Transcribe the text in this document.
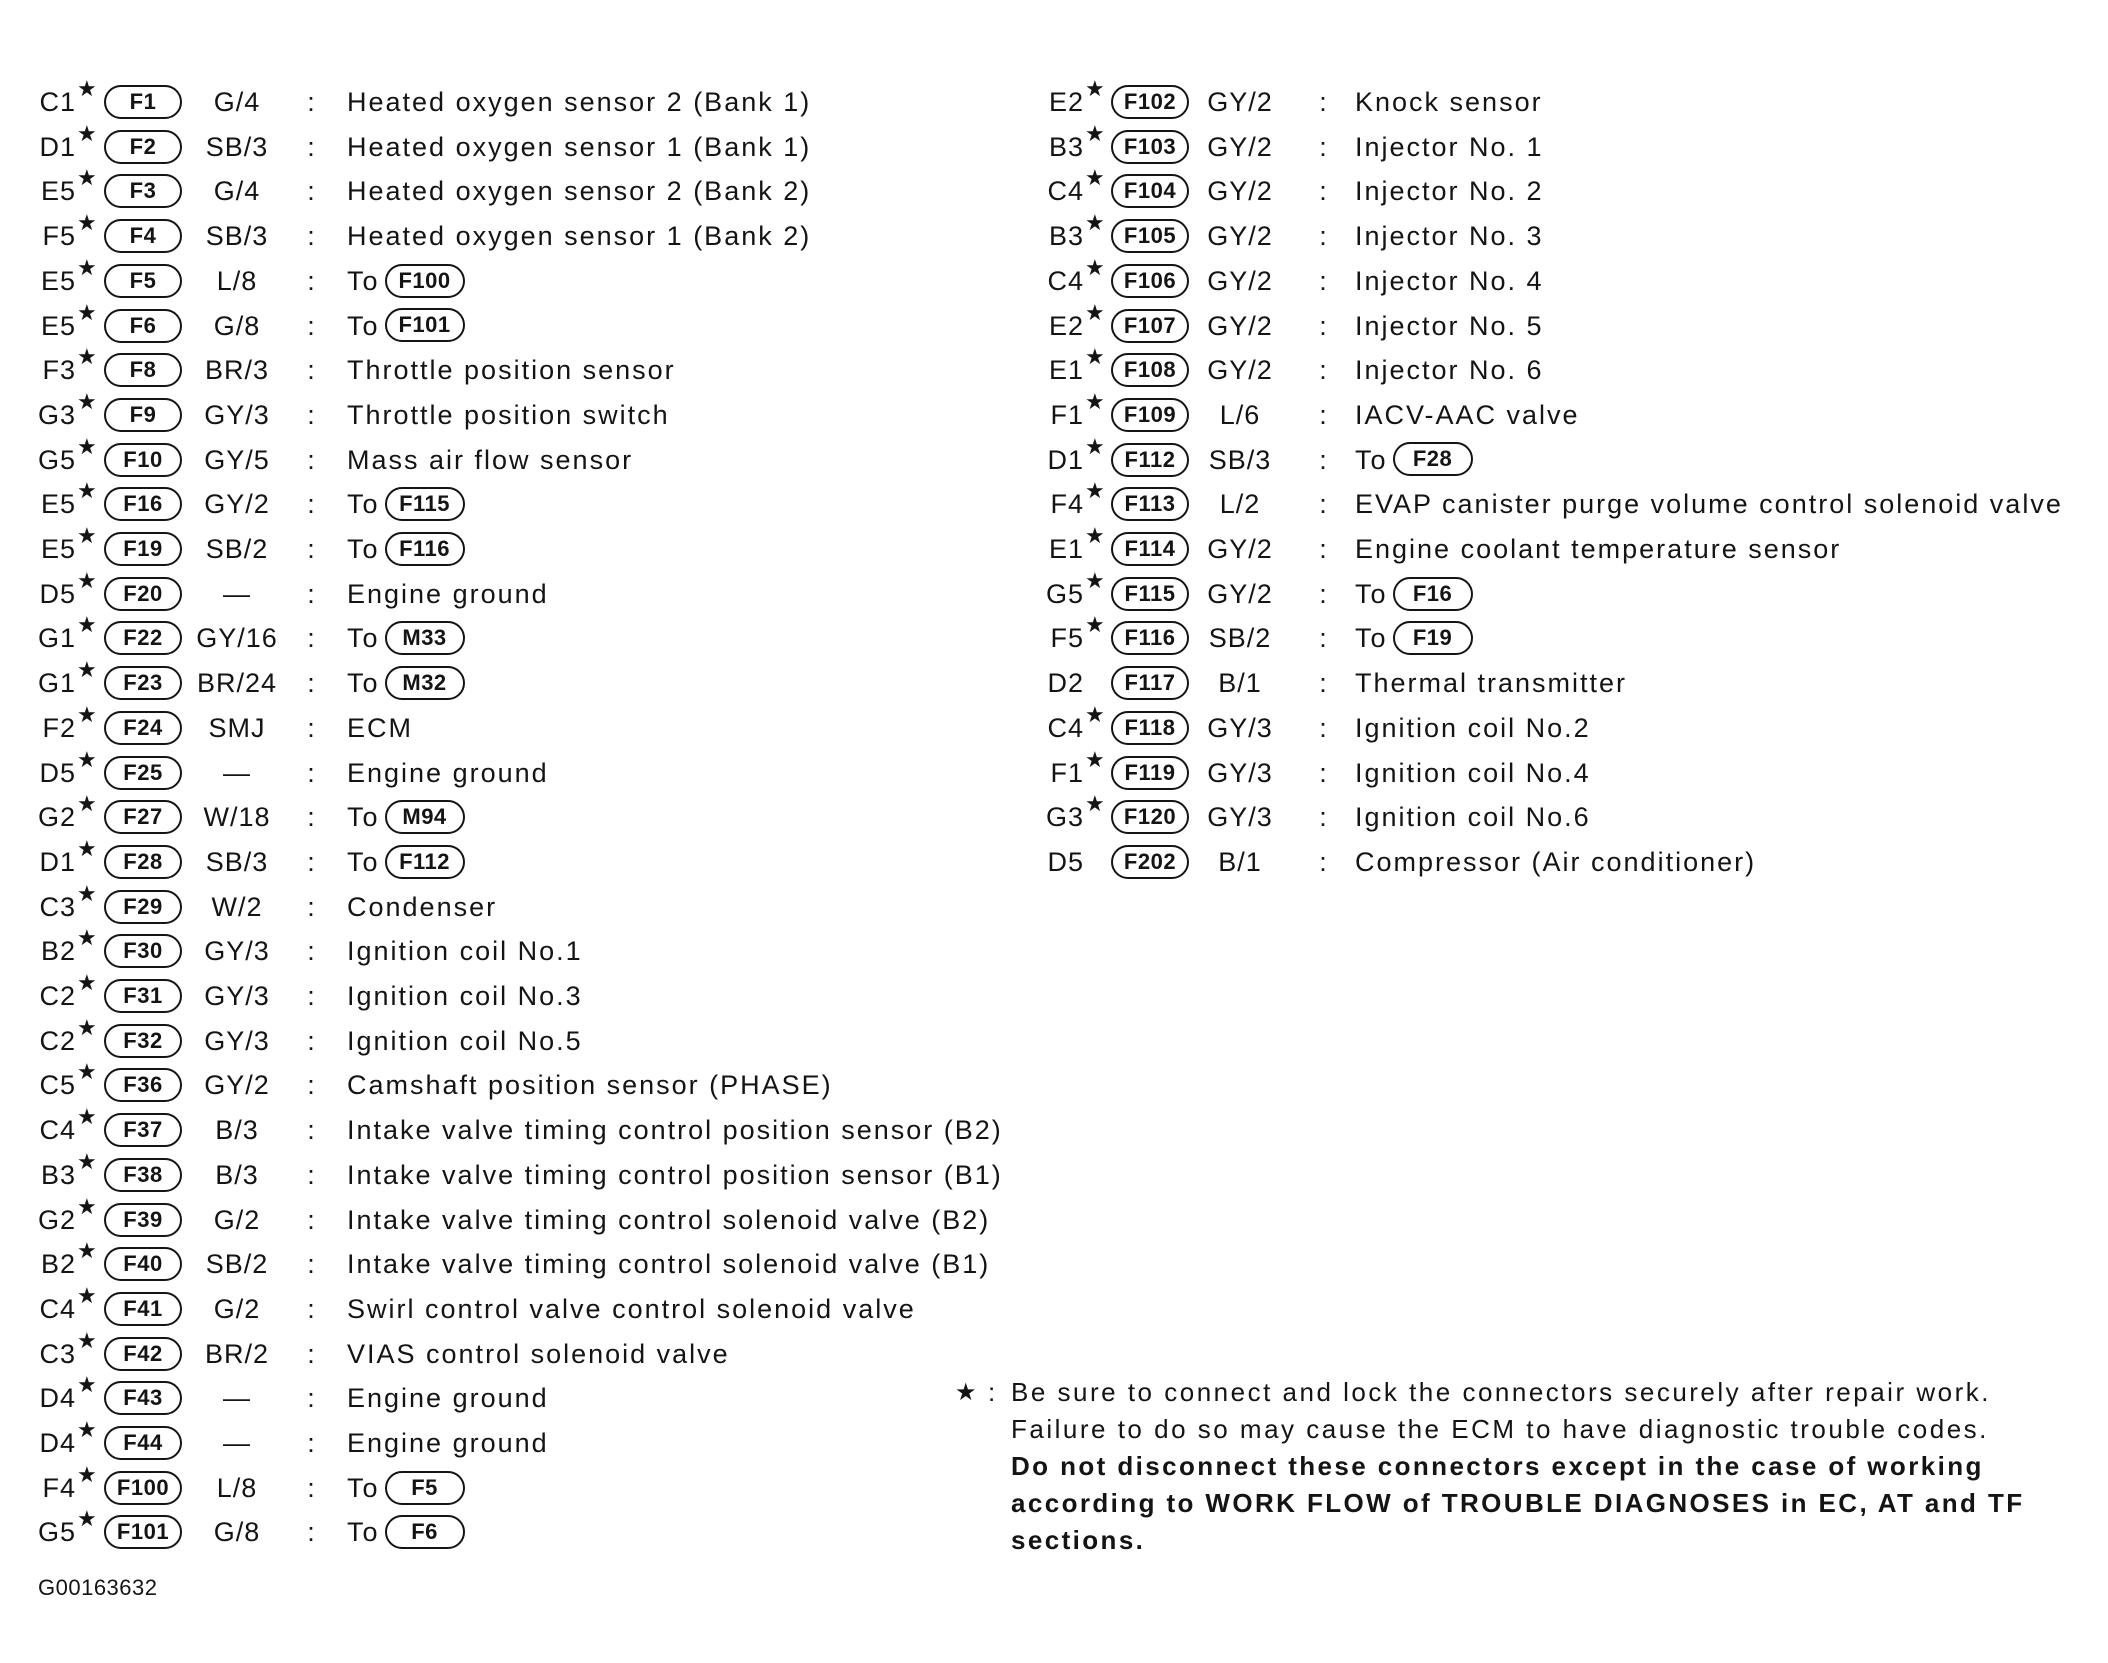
C1 ★	F1	G/4	: Heated oxygen sensor 2 (Bank 1)
D1 ★	F2	SB/3	: Heated oxygen sensor 1 (Bank 1)
E5 ★	F3	G/4	: Heated oxygen sensor 2 (Bank 2)
F5 ★	F4	SB/3	: Heated oxygen sensor 1 (Bank 2)
E5 ★	F5	L/8	: To F100
E5 ★	F6	G/8	: To F101
F3 ★	F8	BR/3	: Throttle position sensor
G3 ★	F9	GY/3	: Throttle position switch
G5 ★	F10	GY/5	: Mass air flow sensor
E5 ★	F16	GY/2	: To F115
E5 ★	F19	SB/2	: To F116
D5 ★	F20	—	: Engine ground
G1 ★	F22	GY/16 : To M33
G1 ★	F23	BR/24 : To M32
F2 ★	F24	SMJ	: ECM
D5 ★	F25	—	: Engine ground
G2 ★	F27	W/18	: To M94
D1 ★	F28	SB/3	: To F112
C3 ★	F29	W/2	: Condenser
B2 ★	F30	GY/3	: Ignition coil No.1
C2 ★	F31	GY/3	: Ignition coil No.3
C2 ★	F32	GY/3	: Ignition coil No.5
C5 ★	F36	GY/2	: Camshaft position sensor (PHASE)
C4 ★	F37	B/3	: Intake valve timing control position sensor (B2)
B3 ★	F38	B/3	: Intake valve timing control position sensor (B1)
G2 ★	F39	G/2	: Intake valve timing control solenoid valve (B2)
B2 ★	F40	SB/2	: Intake valve timing control solenoid valve (B1)
C4 ★	F41	G/2	: Swirl control valve control solenoid valve
C3 ★	F42	BR/2	: VIAS control solenoid valve
D4 ★	F43	—	: Engine ground
D4 ★	F44	—	: Engine ground
F4 ★ F100	L/8	: To F5
G5 ★ F101	G/8	: To F6
E2 ★ F102	GY/2	: Knock sensor
B3 ★ F103	GY/2	: Injector No. 1
C4 ★ F104	GY/2	: Injector No. 2
B3 ★ F105	GY/2	: Injector No. 3
C4 ★ F106	GY/2	: Injector No. 4
E2 ★ F107	GY/2	: Injector No. 5
E1 ★ F108	GY/2	: Injector No. 6
F1 ★ F109	L/6	: IACV-AAC valve
D1 ★ F112	SB/3	: To F28
F4 ★ F113	L/2	: EVAP canister purge volume control solenoid valve
E1 ★ F114	GY/2	: Engine coolant temperature sensor
G5 ★ F115	GY/2	: To F16
F5 ★ F116	SB/2	: To F19
D2	F117	B/1	: Thermal transmitter
C4 ★ F118	GY/3	: Ignition coil No.2
F1 ★ F119	GY/3	: Ignition coil No.4
G3 ★ F120	GY/3	: Ignition coil No.6
D5	F202	B/1	: Compressor (Air conditioner)
★ : Be sure to connect and lock the connectors securely after repair work.
Failure to do so may cause the ECM to have diagnostic trouble codes.
Do not disconnect these connectors except in the case of working
according to WORK FLOW of TROUBLE DIAGNOSES in EC, AT and TF
sections.
G00163632
